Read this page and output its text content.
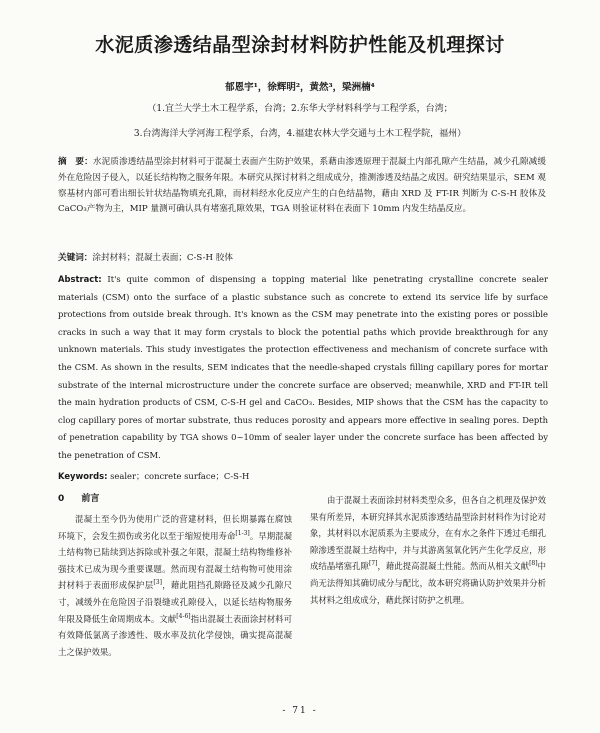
水泥质渗透结晶型涂封材料防护性能及机理探讨
郁恩宇¹，徐辉明²，黄然³，梁洲楠⁴
（1.宜兰大学土木工程学系，台湾；2.东华大学材料科学与工程学系，台湾；
3.台湾海洋大学河海工程学系，台湾，4.福建农林大学交通与土木工程学院，福州）
摘　要：水泥质渗透结晶型涂封材料可于混凝土表面产生防护效果，系藉由渗透原理于混凝土内部孔隙产生结晶，减少孔隙减缓外在危险因子侵入，以延长结构物之服务年限。本研究从探讨材料之组成成分，推测渗透及结晶之成因。研究结果显示，SEM 观察基材内部可看出细长针状结晶物填充孔隙，而材料经水化反应产生的白色结晶物，藉由 XRD 及 FT-IR 判断为 C-S-H 胶体及 CaCO₃产物为主，MIP 量测可确认具有堵塞孔隙效果，TGA 则验证材料在表面下 10mm 内发生结晶反应。
关键词：涂封材料；混凝土表面；C-S-H 胶体
Abstract: It's quite common of dispensing a topping material like penetrating crystalline concrete sealer materials (CSM) onto the surface of a plastic substance such as concrete to extend its service life by surface protections from outside break through. It's known as the CSM may penetrate into the existing pores or possible cracks in such a way that it may form crystals to block the potential paths which provide breakthrough for any unknown materials. This study investigates the protection effectiveness and mechanism of concrete surface with the CSM. As shown in the results, SEM indicates that the needle-shaped crystals filling capillary pores for mortar substrate of the internal microstructure under the concrete surface are observed; meanwhile, XRD and FT-IR tell the main hydration products of CSM, C-S-H gel and CaCO₃. Besides, MIP shows that the CSM has the capacity to clog capillary pores of mortar substrate, thus reduces porosity and appears more effective in sealing pores. Depth of penetration capability by TGA shows 0~10mm of sealer layer under the concrete surface has been affected by the penetration of CSM.
Keywords: sealer；concrete surface；C-S-H
0 前言
混凝土至今仍为使用广泛的营建材料，但长期暴露在腐蚀环境下，会发生损伤或劣化以至于缩短使用寿命[1-3]。早期混凝土结构物已陆续到达拆除或补强之年限，混凝土结构物维修补强技术已成为现今重要课题。然而现有混凝土结构物可使用涂封材料于表面形成保护层[3]，藉此阻挡孔隙路径及减少孔隙尺寸，减缓外在危险因子沿裂缝或孔隙侵入，以延长结构物服务年限及降低生命周期成本。文献[4-6]指出混凝土表面涂封材料可有效降低氯离子渗透性、吸水率及抗化学侵蚀，确实提高混凝土之保护效果。
由于混凝土表面涂封材料类型众多，但各自之机理及保护效果有所差异，本研究择其水泥质渗透结晶型涂封材料作为讨论对象，其材料以水泥质系为主要成分，在有水之条件下透过毛细孔隙渗透至混凝土结构中，并与其游离氢氧化钙产生化学反应，形成结晶堵塞孔隙[7]，藉此提高混凝土性能。然而从相关文献[8]中尚无法得知其确切成分与配比，故本研究将确认防护效果并分析其材料之组成成分，藉此探讨防护之机理。
- 71 -
